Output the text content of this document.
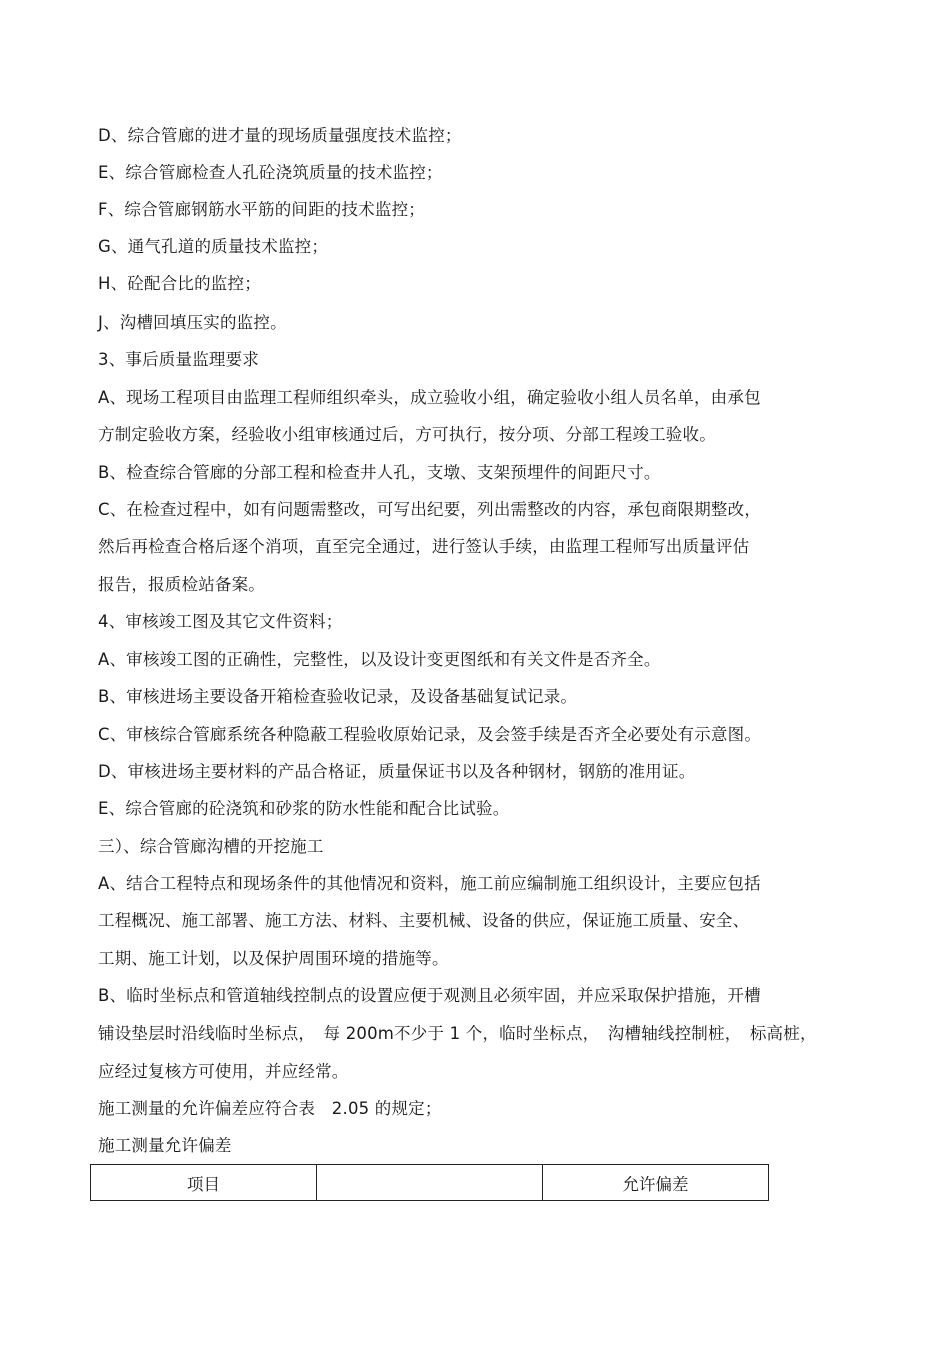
D、综合管廊的进才量的现场质量强度技术监控；
E、综合管廊检查人孔砼浇筑质量的技术监控；
F、综合管廊钢筋水平筋的间距的技术监控；
G、通气孔道的质量技术监控；
H、砼配合比的监控；
J、沟槽回填压实的监控。
3、事后质量监理要求
A、现场工程项目由监理工程师组织牵头，成立验收小组，确定验收小组人员名单，由承包
方制定验收方案，经验收小组审核通过后，方可执行，按分项、分部工程竣工验收。
B、检查综合管廊的分部工程和检查井人孔，支墩、支架预埋件的间距尺寸。
C、在检查过程中，如有问题需整改，可写出纪要，列出需整改的内容，承包商限期整改，
然后再检查合格后逐个消项，直至完全通过，进行签认手续，由监理工程师写出质量评估
报告，报质检站备案。
4、审核竣工图及其它文件资料；
A、审核竣工图的正确性，完整性，以及设计变更图纸和有关文件是否齐全。
B、审核进场主要设备开箱检查验收记录，及设备基础复试记录。
C、审核综合管廊系统各种隐蔽工程验收原始记录，及会签手续是否齐全必要处有示意图。
D、审核进场主要材料的产品合格证，质量保证书以及各种钢材，钢筋的准用证。
E、综合管廊的砼浇筑和砂浆的防水性能和配合比试验。
三）、综合管廊沟槽的开挖施工
A、结合工程特点和现场条件的其他情况和资料，施工前应编制施工组织设计，主要应包括
工程概况、施工部署、施工方法、材料、主要机械、设备的供应，保证施工质量、安全、
工期、施工计划，以及保护周围环境的措施等。
B、临时坐标点和管道轴线控制点的设置应便于观测且必须牢固，并应采取保护措施，开槽
铺设垫层时沿线临时坐标点，　每 200m不少于 1 个，临时坐标点，　沟槽轴线控制桩，　标高桩，
应经过复核方可使用，并应经常。
施工测量的允许偏差应符合表　2.05 的规定；
施工测量允许偏差
项目		允许偏差
